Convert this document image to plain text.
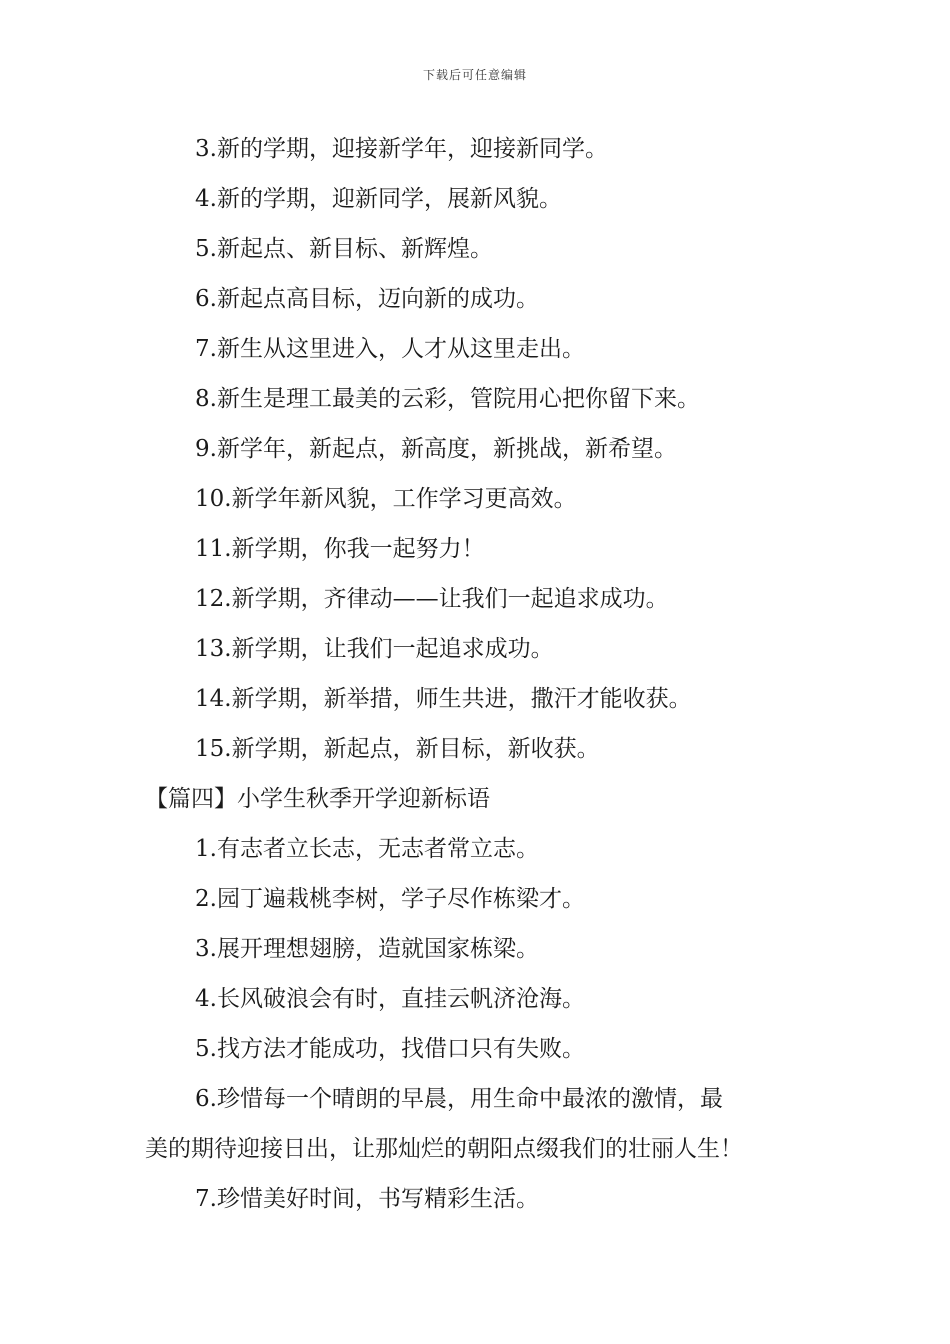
下载后可任意编辑
3.新的学期，迎接新学年，迎接新同学。
4.新的学期，迎新同学，展新风貌。
5.新起点、新目标、新辉煌。
6.新起点高目标，迈向新的成功。
7.新生从这里进入，人才从这里走出。
8.新生是理工最美的云彩，管院用心把你留下来。
9.新学年，新起点，新高度，新挑战，新希望。
10.新学年新风貌，工作学习更高效。
11.新学期，你我一起努力！
12.新学期，齐律动——让我们一起追求成功。
13.新学期，让我们一起追求成功。
14.新学期，新举措，师生共进，撒汗才能收获。
15.新学期，新起点，新目标，新收获。
【篇四】小学生秋季开学迎新标语
1.有志者立长志，无志者常立志。
2.园丁遍栽桃李树，学子尽作栋梁才。
3.展开理想翅膀，造就国家栋梁。
4.长风破浪会有时，直挂云帆济沧海。
5.找方法才能成功，找借口只有失败。
6.珍惜每一个晴朗的早晨，用生命中最浓的激情，最
美的期待迎接日出，让那灿烂的朝阳点缀我们的壮丽人生！
7.珍惜美好时间，书写精彩生活。
